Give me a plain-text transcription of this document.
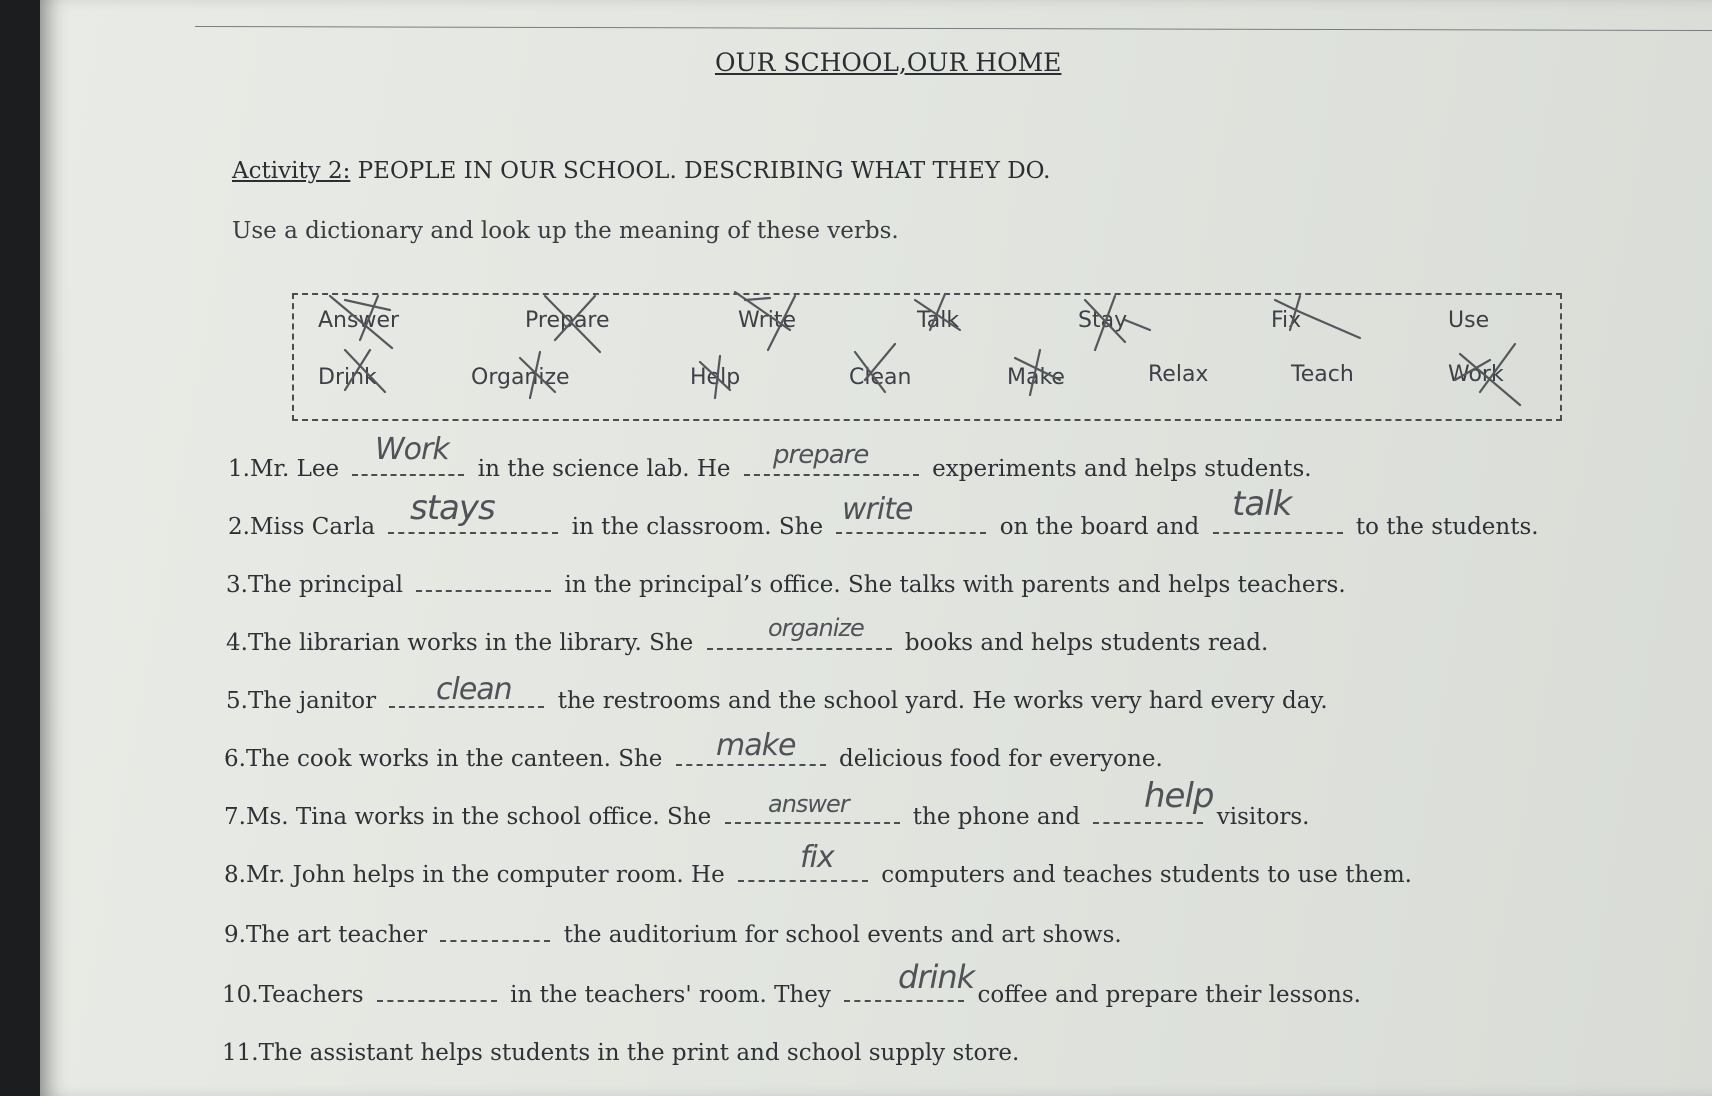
OUR SCHOOL,OUR HOME
Activity 2: PEOPLE IN OUR SCHOOL. DESCRIBING WHAT THEY DO.
Use a dictionary and look up the meaning of these verbs.
Answer	Prepare	Write	Talk	Stay	Fix	Use
Drink	Organize	Help	Clean	Make	Relax	Teach	Work
1.Mr. Lee	in the science lab. He	experiments and helps students.
2.Miss Carla	in the classroom. She	on the board and	to the students.
3.The principal	in the principal’s office. She talks with parents and helps teachers.
4.The librarian works in the library. She	books and helps students read.
5.The janitor	the restrooms and the school yard. He works very hard every day.
6.The cook works in the canteen. She	delicious food for everyone.
7.Ms. Tina works in the school office. She	the phone and	visitors.
8.Mr. John helps in the computer room. He	computers and teaches students to use them.
9.The art teacher	the auditorium for school events and art shows.
10.Teachers	in the teachers' room. They	coffee and prepare their lessons.
11.The assistant helps students in the print and school supply store.
Work	prepare
stays	write	talk
organize
clean
make
answer	help
fix
drink
